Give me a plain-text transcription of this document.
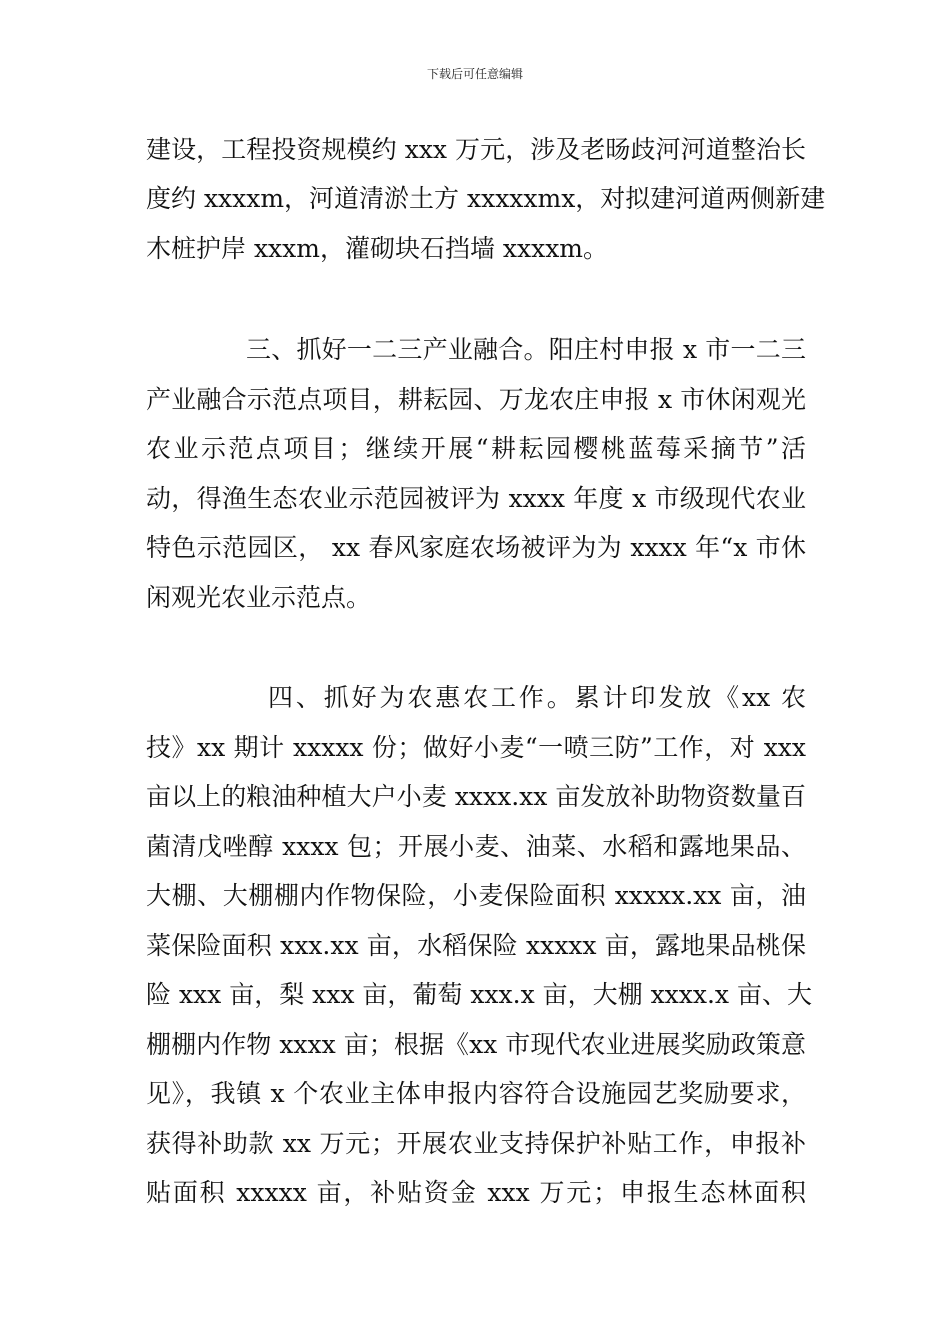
下载后可任意编辑
建设，工程投资规模约 xxx 万元，涉及老旸歧河河道整治长
度约 xxxxm，河道清淤土方 xxxxxmx，对拟建河道两侧新建
木桩护岸 xxxm，灌砌块石挡墙 xxxxm。
三、抓好一二三产业融合。阳庄村申报 x 市一二三
产业融合示范点项目，耕耘园、万龙农庄申报 x 市休闲观光
农业示范点项目；继续开展“耕耘园樱桃蓝莓采摘节”活
动，得渔生态农业示范园被评为 xxxx 年度 x 市级现代农业
特色示范园区， xx 春风家庭农场被评为为 xxxx 年“x 市休
闲观光农业示范点。
四、抓好为农惠农工作。累计印发放《xx 农
技》xx 期计 xxxxx 份；做好小麦“一喷三防”工作，对 xxx
亩以上的粮油种植大户小麦 xxxx.xx 亩发放补助物资数量百
菌清戊唑醇 xxxx 包；开展小麦、油菜、水稻和露地果品、
大棚、大棚棚内作物保险，小麦保险面积 xxxxx.xx 亩，油
菜保险面积 xxx.xx 亩，水稻保险 xxxxx 亩，露地果品桃保
险 xxx 亩，梨 xxx 亩，葡萄 xxx.x 亩，大棚 xxxx.x 亩、大
棚棚内作物 xxxx 亩；根据《xx 市现代农业进展奖励政策意
见》，我镇 x 个农业主体申报内容符合设施园艺奖励要求，
获得补助款 xx 万元；开展农业支持保护补贴工作，申报补
贴面积 xxxxx 亩，补贴资金 xxx 万元；申报生态林面积
